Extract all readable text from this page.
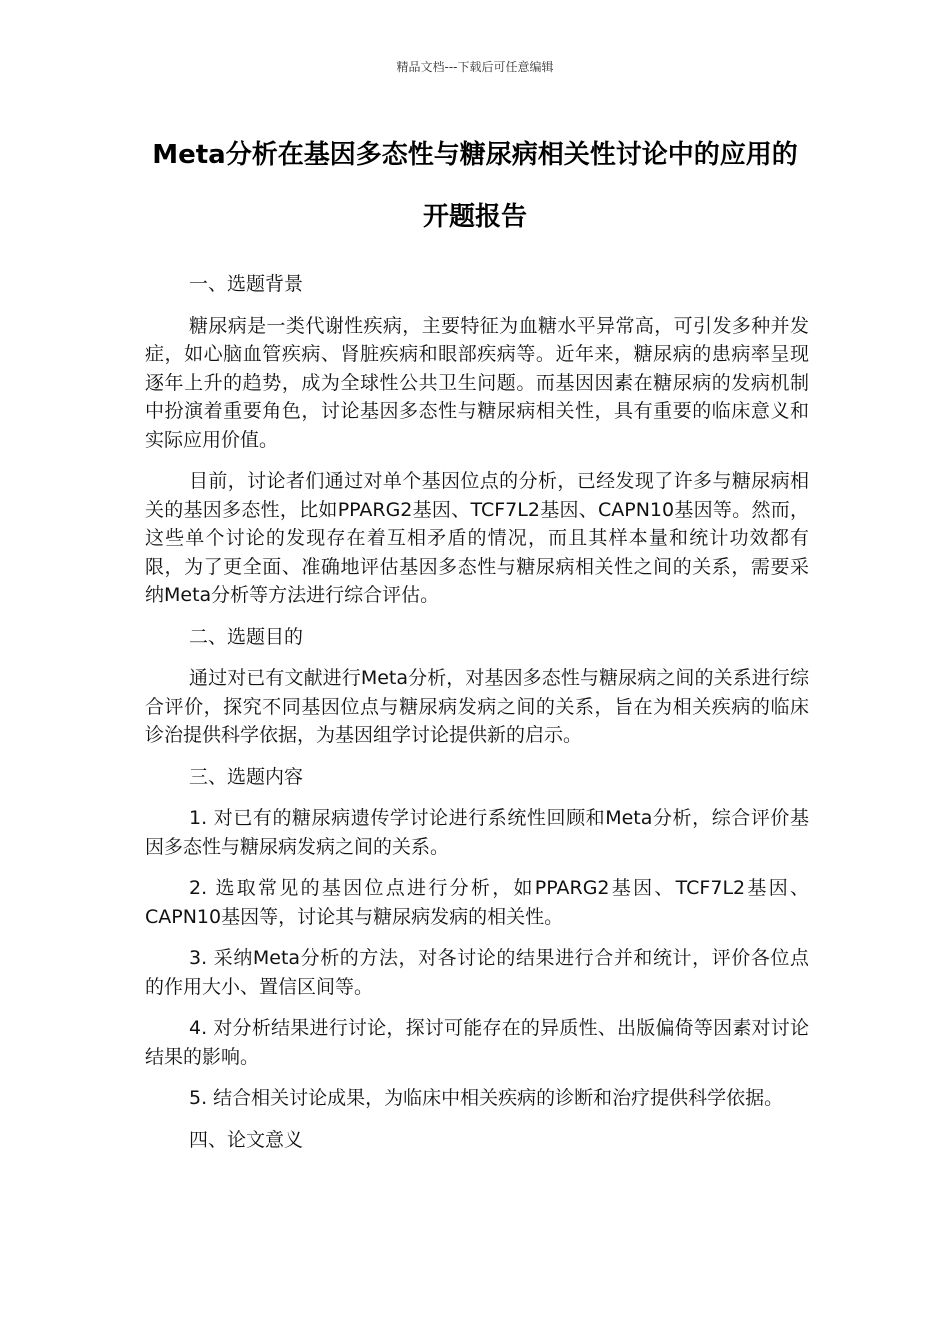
精品文档---下载后可任意编辑
Meta分析在基因多态性与糖尿病相关性讨论中的应用的开题报告
一、选题背景

糖尿病是一类代谢性疾病，主要特征为血糖水平异常高，可引发多种并发症，如心脑血管疾病、肾脏疾病和眼部疾病等。近年来，糖尿病的患病率呈现逐年上升的趋势，成为全球性公共卫生问题。而基因因素在糖尿病的发病机制中扮演着重要角色，讨论基因多态性与糖尿病相关性，具有重要的临床意义和实际应用价值。

目前，讨论者们通过对单个基因位点的分析，已经发现了许多与糖尿病相关的基因多态性，比如PPARG2基因、TCF7L2基因、CAPN10基因等。然而，这些单个讨论的发现存在着互相矛盾的情况，而且其样本量和统计功效都有限，为了更全面、准确地评估基因多态性与糖尿病相关性之间的关系，需要采纳Meta分析等方法进行综合评估。

二、选题目的

通过对已有文献进行Meta分析，对基因多态性与糖尿病之间的关系进行综合评价，探究不同基因位点与糖尿病发病之间的关系，旨在为相关疾病的临床诊治提供科学依据，为基因组学讨论提供新的启示。

三、选题内容

1. 对已有的糖尿病遗传学讨论进行系统性回顾和Meta分析，综合评价基因多态性与糖尿病发病之间的关系。

2. 选取常见的基因位点进行分析，如PPARG2基因、TCF7L2基因、CAPN10基因等，讨论其与糖尿病发病的相关性。

3. 采纳Meta分析的方法，对各讨论的结果进行合并和统计，评价各位点的作用大小、置信区间等。

4. 对分析结果进行讨论，探讨可能存在的异质性、出版偏倚等因素对讨论结果的影响。

5. 结合相关讨论成果，为临床中相关疾病的诊断和治疗提供科学依据。

四、论文意义
